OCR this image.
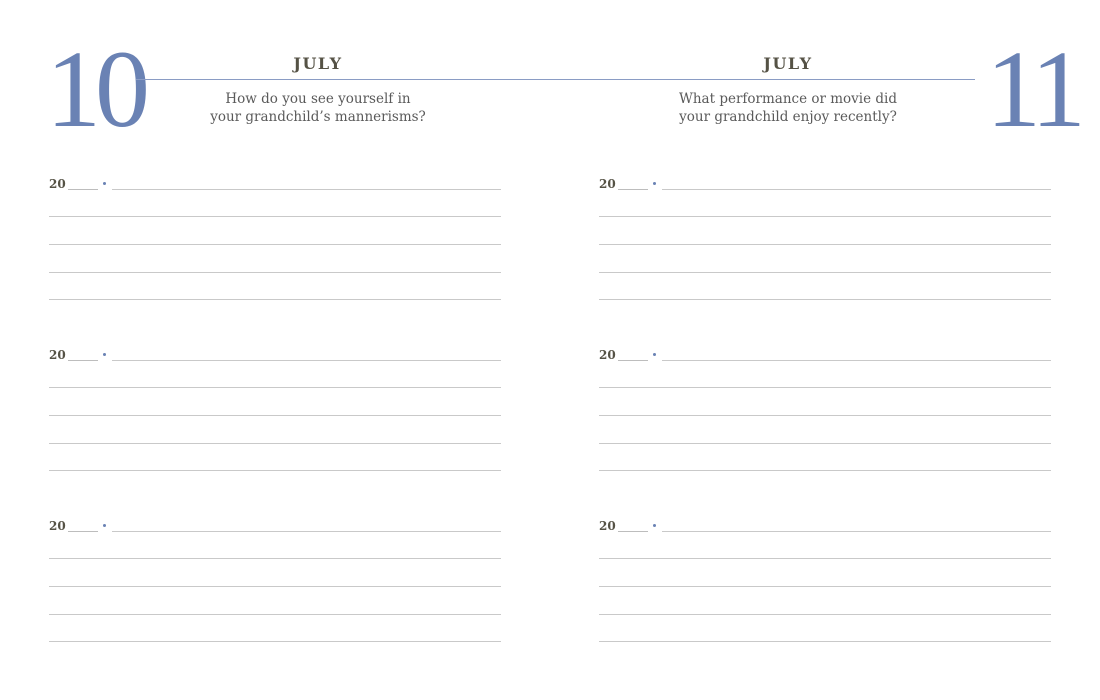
10	JULY
How do you see yourself in
your grandchild’s mannerisms?
20
20
20
11
JULY
What performance or movie did
your grandchild enjoy recently?
20
20
20
